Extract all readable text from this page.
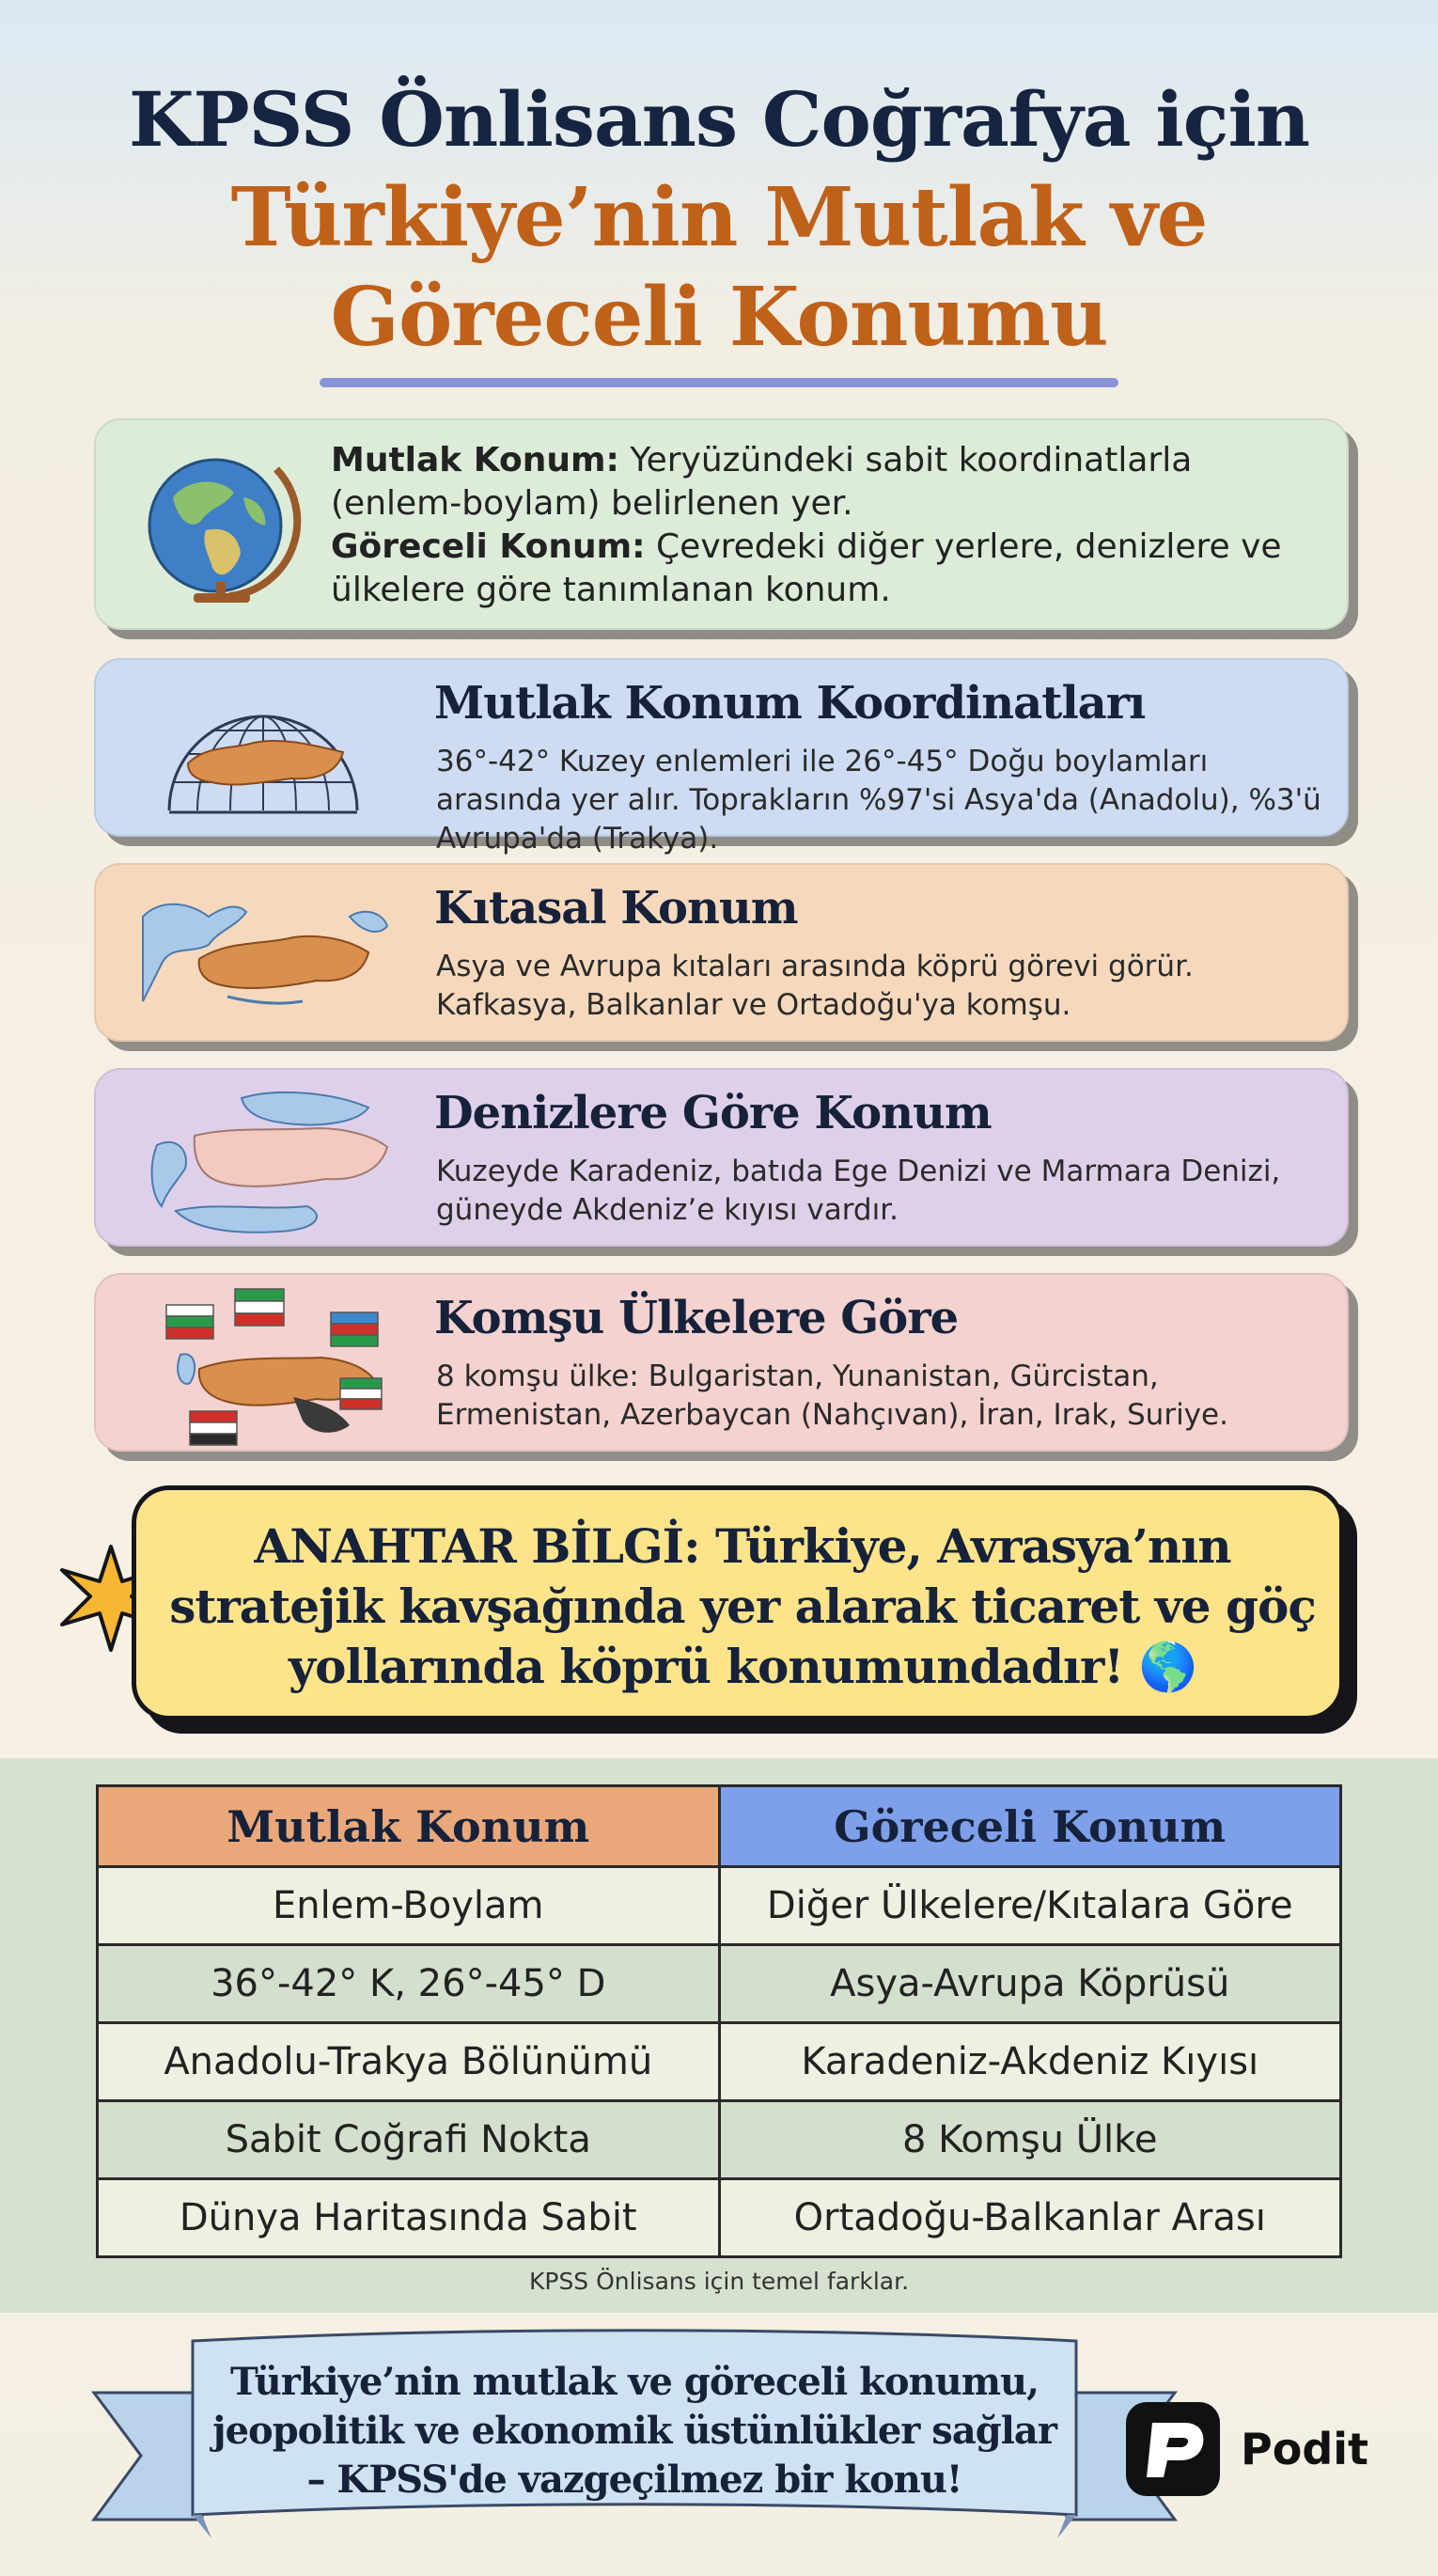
KPSS Önlisans Coğrafya için
Türkiye’nin Mutlak ve
Göreceli Konumu
Mutlak Konum: Yeryüzündeki sabit koordinatlarla (enlem-boylam) belirlenen yer.
Göreceli Konum: Çevredeki diğer yerlere, denizlere ve ülkelere göre tanımlanan konum.
Mutlak Konum Koordinatları
36°-42° Kuzey enlemleri ile 26°-45° Doğu boylamları arasında yer alır. Toprakların %97'si Asya'da (Anadolu), %3'ü Avrupa'da (Trakya).
Kıtasal Konum
Asya ve Avrupa kıtaları arasında köprü görevi görür. Kafkasya, Balkanlar ve Ortadoğu'ya komşu.
Denizlere Göre Konum
Kuzeyde Karadeniz, batıda Ege Denizi ve Marmara Denizi, güneyde Akdeniz’e kıyısı vardır.
Komşu Ülkelere Göre
8 komşu ülke: Bulgaristan, Yunanistan, Gürcistan, Ermenistan, Azerbaycan (Nahçıvan), İran, Irak, Suriye.
ANAHTAR BİLGİ: Türkiye, Avrasya’nın stratejik kavşağında yer alarak ticaret ve göç yollarında köprü konumundadır! 🌎
Mutlak Konum	Göreceli Konum
Enlem-Boylam	Diğer Ülkelere/Kıtalara Göre
36°-42° K, 26°-45° D	Asya-Avrupa Köprüsü
Anadolu-Trakya Bölünümü	Karadeniz-Akdeniz Kıyısı
Sabit Coğrafi Nokta	8 Komşu Ülke
Dünya Haritasında Sabit	Ortadoğu-Balkanlar Arası
KPSS Önlisans için temel farklar.
Türkiye’nin mutlak ve göreceli konumu, jeopolitik ve ekonomik üstünlükler sağlar – KPSS'de vazgeçilmez bir konu!
Podit
